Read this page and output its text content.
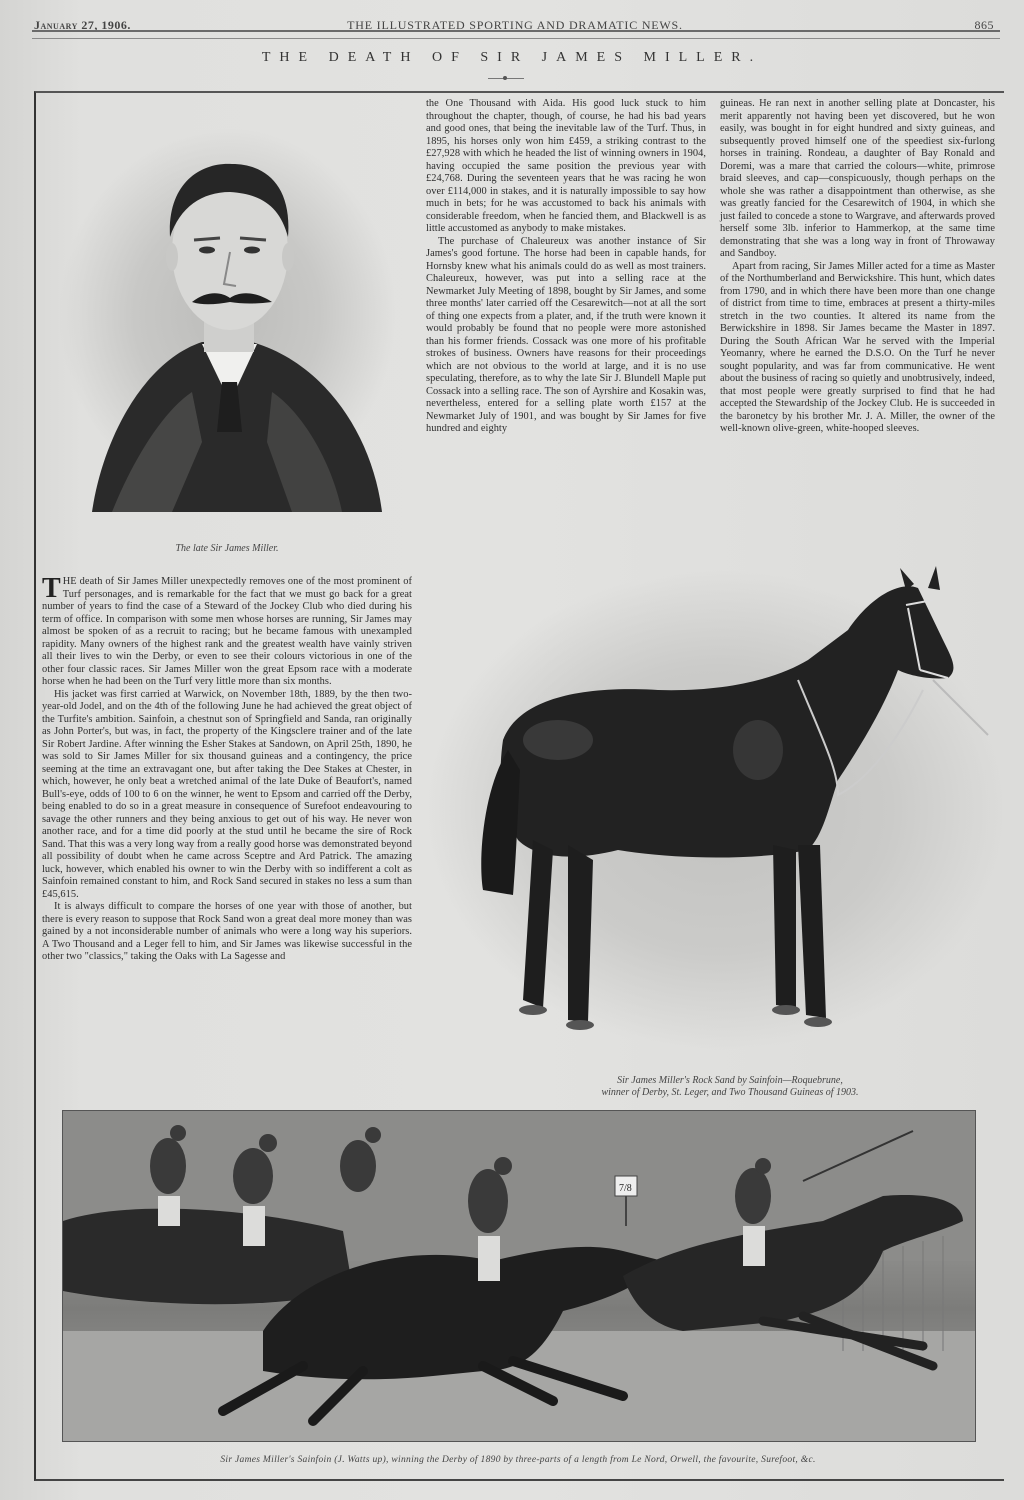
January 27, 1906.	THE ILLUSTRATED SPORTING AND DRAMATIC NEWS.	865
THE DEATH OF SIR JAMES MILLER.
The late Sir James Miller.

the One Thousand with Aida. His good luck stuck to him throughout the chapter, though, of course, he had his bad years and good ones, that being the inevitable law of the Turf. Thus, in 1895, his horses only won him £459, a striking contrast to the £27,928 with which he headed the list of winning owners in 1904, having occupied the same position the previous year with £24,768. During the seventeen years that he was racing he won over £114,000 in stakes, and it is naturally impossible to say how much in bets; for he was accustomed to back his animals with considerable freedom, when he fancied them, and Blackwell is as little accustomed as anybody to make mistakes.

The purchase of Chaleureux was another instance of Sir James's good fortune. The horse had been in capable hands, for Hornsby knew what his animals could do as well as most trainers. Chaleureux, however, was put into a selling race at the Newmarket July Meeting of 1898, bought by Sir James, and some three months' later carried off the Cesarewitch—not at all the sort of thing one expects from a plater, and, if the truth were known it would probably be found that no people were more astonished than his former friends. Cossack was one more of his profitable strokes of business. Owners have reasons for their proceedings which are not obvious to the world at large, and it is no use speculating, therefore, as to why the late Sir J. Blundell Maple put Cossack into a selling race. The son of Ayrshire and Kosakin was, nevertheless, entered for a selling plate worth £157 at the Newmarket July of 1901, and was bought by Sir James for five hundred and eighty

guineas. He ran next in another selling plate at Doncaster, his merit apparently not having been yet discovered, but he won easily, was bought in for eight hundred and sixty guineas, and subsequently proved himself one of the speediest six-furlong horses in training. Rondeau, a daughter of Bay Ronald and Doremi, was a mare that carried the colours—white, primrose braid sleeves, and cap—conspicuously, though perhaps on the whole she was rather a disappointment than otherwise, as she was greatly fancied for the Cesarewitch of 1904, in which she just failed to concede a stone to Wargrave, and afterwards proved herself some 3lb. inferior to Hammerkop, at the same time demonstrating that she was a long way in front of Throwaway and Sandboy.

Apart from racing, Sir James Miller acted for a time as Master of the Northumberland and Berwickshire. This hunt, which dates from 1790, and in which there have been more than one change of district from time to time, embraces at present a thirty-miles stretch in the two counties. It altered its name from the Berwickshire in 1898. Sir James became the Master in 1897. During the South African War he served with the Imperial Yeomanry, where he earned the D.S.O. On the Turf he never sought popularity, and was far from communicative. He went about the business of racing so quietly and unobtrusively, indeed, that most people were greatly surprised to find that he had accepted the Stewardship of the Jockey Club. He is succeeded in the baronetcy by his brother Mr. J. A. Miller, the owner of the well-known olive-green, white-hooped sleeves.

THE death of Sir James Miller unexpectedly removes one of the most prominent of Turf personages, and is remarkable for the fact that we must go back for a great number of years to find the case of a Steward of the Jockey Club who died during his term of office. In comparison with some men whose horses are running, Sir James may almost be spoken of as a recruit to racing; but he became famous with unexampled rapidity. Many owners of the highest rank and the greatest wealth have vainly striven all their lives to win the Derby, or even to see their colours victorious in one of the other four classic races. Sir James Miller won the great Epsom race with a moderate horse when he had been on the Turf very little more than six months.

His jacket was first carried at Warwick, on November 18th, 1889, by the then two-year-old Jodel, and on the 4th of the following June he had achieved the great object of the Turfite's ambition. Sainfoin, a chestnut son of Springfield and Sanda, ran originally as John Porter's, but was, in fact, the property of the Kingsclere trainer and of the late Sir Robert Jardine. After winning the Esher Stakes at Sandown, on April 25th, 1890, he was sold to Sir James Miller for six thousand guineas and a contingency, the price seeming at the time an extravagant one, but after taking the Dee Stakes at Chester, in which, however, he only beat a wretched animal of the late Duke of Beaufort's, named Bull's-eye, odds of 100 to 6 on the winner, he went to Epsom and carried off the Derby, being enabled to do so in a great measure in consequence of Surefoot endeavouring to savage the other runners and they being anxious to get out of his way. He never won another race, and for a time did poorly at the stud until he became the sire of Rock Sand. That this was a very long way from a really good horse was demonstrated beyond all possibility of doubt when he came across Sceptre and Ard Patrick. The amazing luck, however, which enabled his owner to win the Derby with so indifferent a colt as Sainfoin remained constant to him, and Rock Sand secured in stakes no less a sum than £45,615.

It is always difficult to compare the horses of one year with those of another, but there is every reason to suppose that Rock Sand won a great deal more money than was gained by a not inconsiderable number of animals who were a long way his superiors. A Two Thousand and a Leger fell to him, and Sir James was likewise successful in the other two "classics," taking the Oaks with La Sagesse and

Sir James Miller's Rock Sand by Sainfoin—Roquebrune,
winner of Derby, St. Leger, and Two Thousand Guineas of 1903.
7/8
Sir James Miller's Sainfoin (J. Watts up), winning the Derby of 1890 by three-parts of a length from Le Nord, Orwell, the favourite, Surefoot, &c.
